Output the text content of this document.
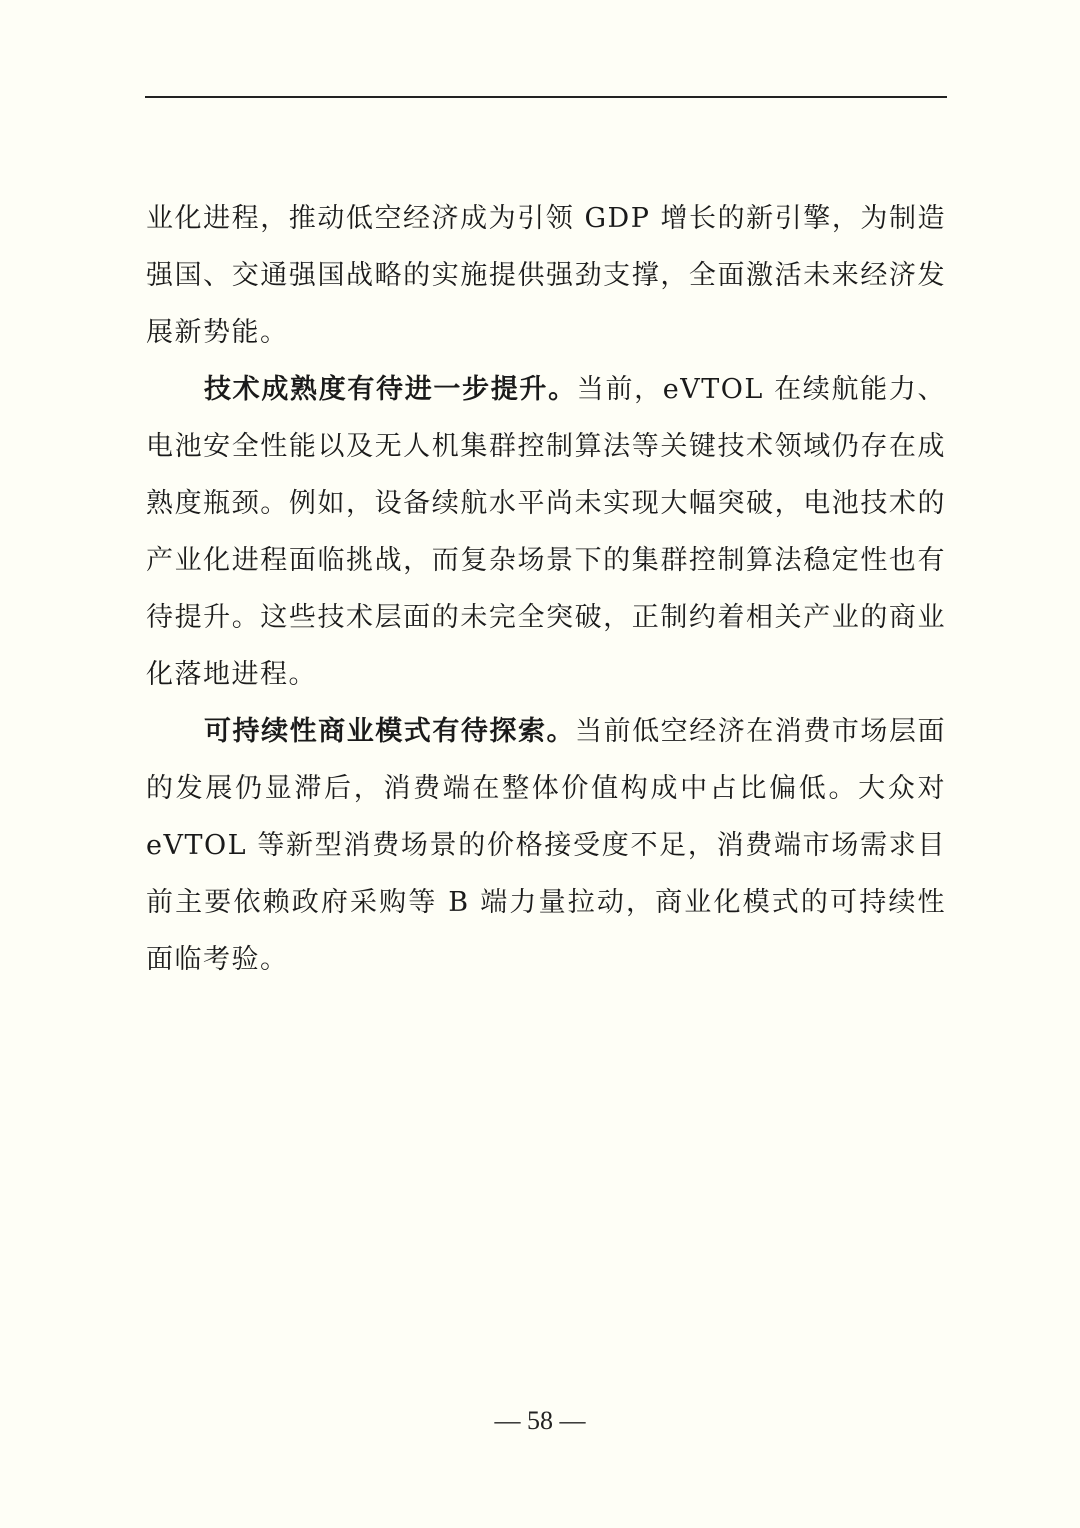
业化进程，推动低空经济成为引领 GDP 增长的新引擎，为制造强国、交通强国战略的实施提供强劲支撑，全面激活未来经济发展新势能。

技术成熟度有待进一步提升。当前，eVTOL 在续航能力、电池安全性能以及无人机集群控制算法等关键技术领域仍存在成熟度瓶颈。例如，设备续航水平尚未实现大幅突破，电池技术的产业化进程面临挑战，而复杂场景下的集群控制算法稳定性也有待提升。这些技术层面的未完全突破，正制约着相关产业的商业化落地进程。

可持续性商业模式有待探索。当前低空经济在消费市场层面的发展仍显滞后，消费端在整体价值构成中占比偏低。大众对 eVTOL 等新型消费场景的价格接受度不足，消费端市场需求目前主要依赖政府采购等 B 端力量拉动，商业化模式的可持续性面临考验。

— 58 —
